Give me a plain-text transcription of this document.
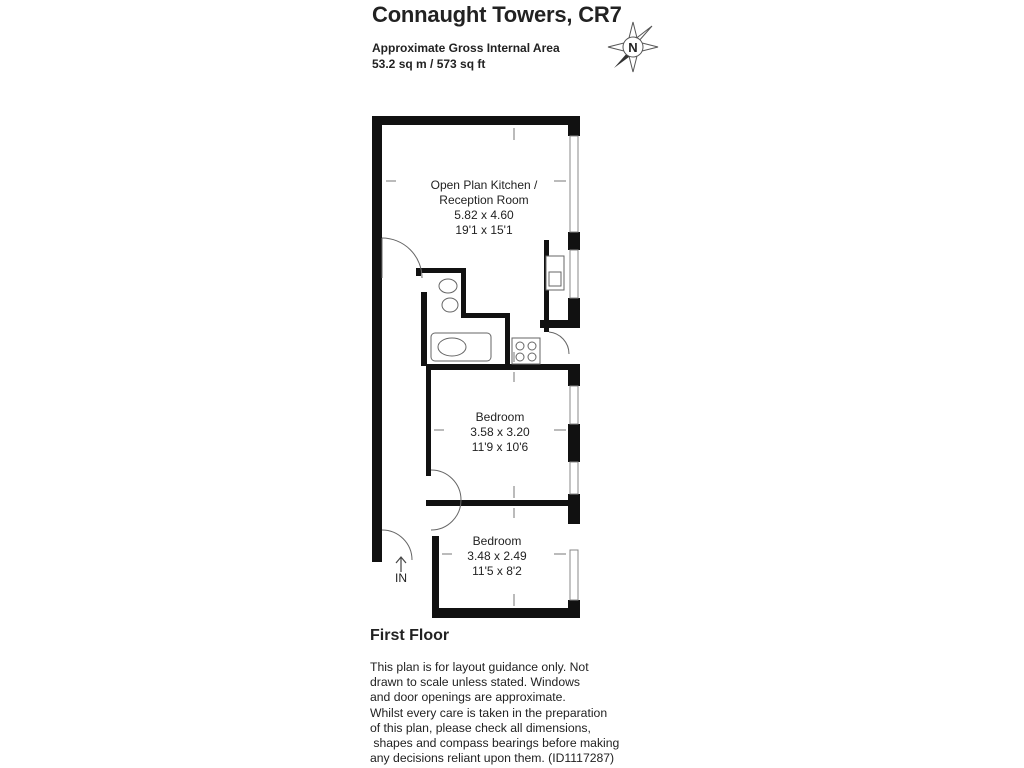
Connaught Towers, CR7
Approximate Gross Internal Area
53.2 sq m / 573 sq ft
N
IN
Open Plan Kitchen /
Reception Room
5.82 x 4.60
19'1 x 15'1
Bedroom
3.58 x 3.20
11'9 x 10'6
Bedroom
3.48 x 2.49
11'5 x 8'2
First Floor
This plan is for layout guidance only. Not
drawn to scale unless stated. Windows
and door openings are approximate.
Whilst every care is taken in the preparation
of this plan, please check all dimensions,
shapes and compass bearings before making
any decisions reliant upon them. (ID1117287)
